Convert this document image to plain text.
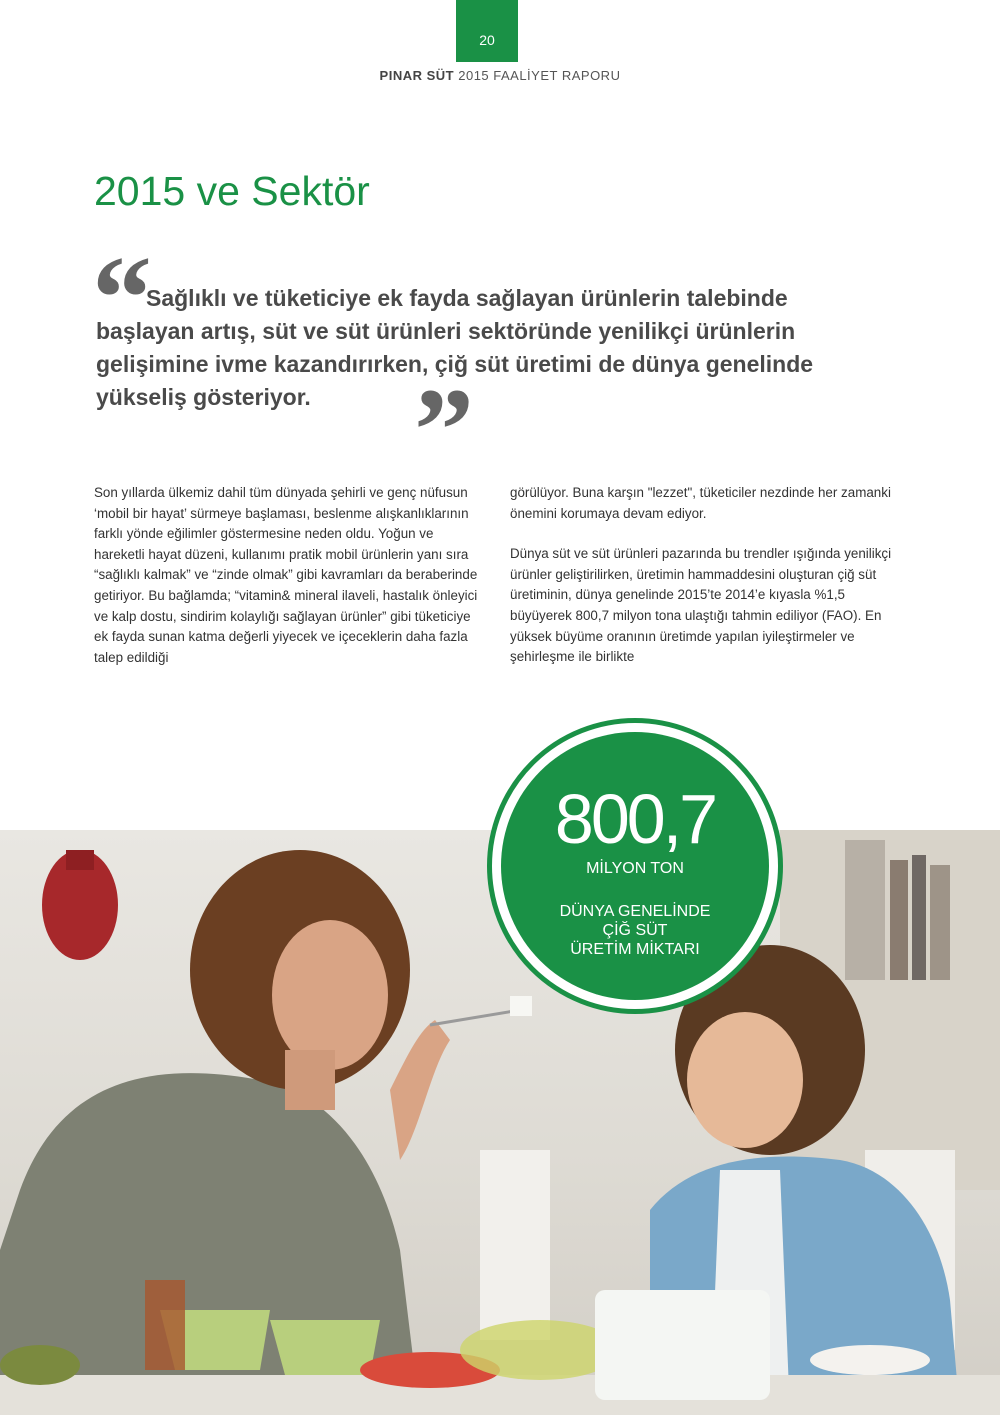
20
PINAR SÜT 2015 FAALİYET RAPORU
2015 ve Sektör
“
Sağlıklı ve tüketiciye ek fayda sağlayan ürünlerin talebinde başlayan artış, süt ve süt ürünleri sektöründe yenilikçi ürünlerin gelişimine ivme kazandırırken, çiğ süt üretimi de dünya genelinde yükseliş gösteriyor. ”

Son yıllarda ülkemiz dahil tüm dünyada şehirli ve genç nüfusun ‘mobil bir hayat’ sürmeye başlaması, beslenme alışkanlıklarının farklı yönde eğilimler göstermesine neden oldu. Yoğun ve hareketli hayat düzeni, kullanımı pratik mobil ürünlerin yanı sıra “sağlıklı kalmak” ve “zinde olmak” gibi kavramları da beraberinde getiriyor. Bu bağlamda; “vitamin& mineral ilaveli, hastalık önleyici ve kalp dostu, sindirim kolaylığı sağlayan ürünler” gibi tüketiciye ek fayda sunan katma değerli yiyecek ve içeceklerin daha fazla talep edildiği

görülüyor. Buna karşın "lezzet", tüketiciler nezdinde her zamanki önemini korumaya devam ediyor.

Dünya süt ve süt ürünleri pazarında bu trendler ışığında yenilikçi ürünler geliştirilirken, üretimin hammaddesini oluşturan çiğ süt üretiminin, dünya genelinde 2015’te 2014’e kıyasla %1,5 büyüyerek 800,7 milyon tona ulaştığı tahmin ediliyor (FAO). En yüksek büyüme oranının üretimde yapılan iyileştirmeler ve şehirleşme ile birlikte

800,7
MİLYON TON
DÜNYA GENELİNDE
ÇİĞ SÜT
ÜRETİM MİKTARI
